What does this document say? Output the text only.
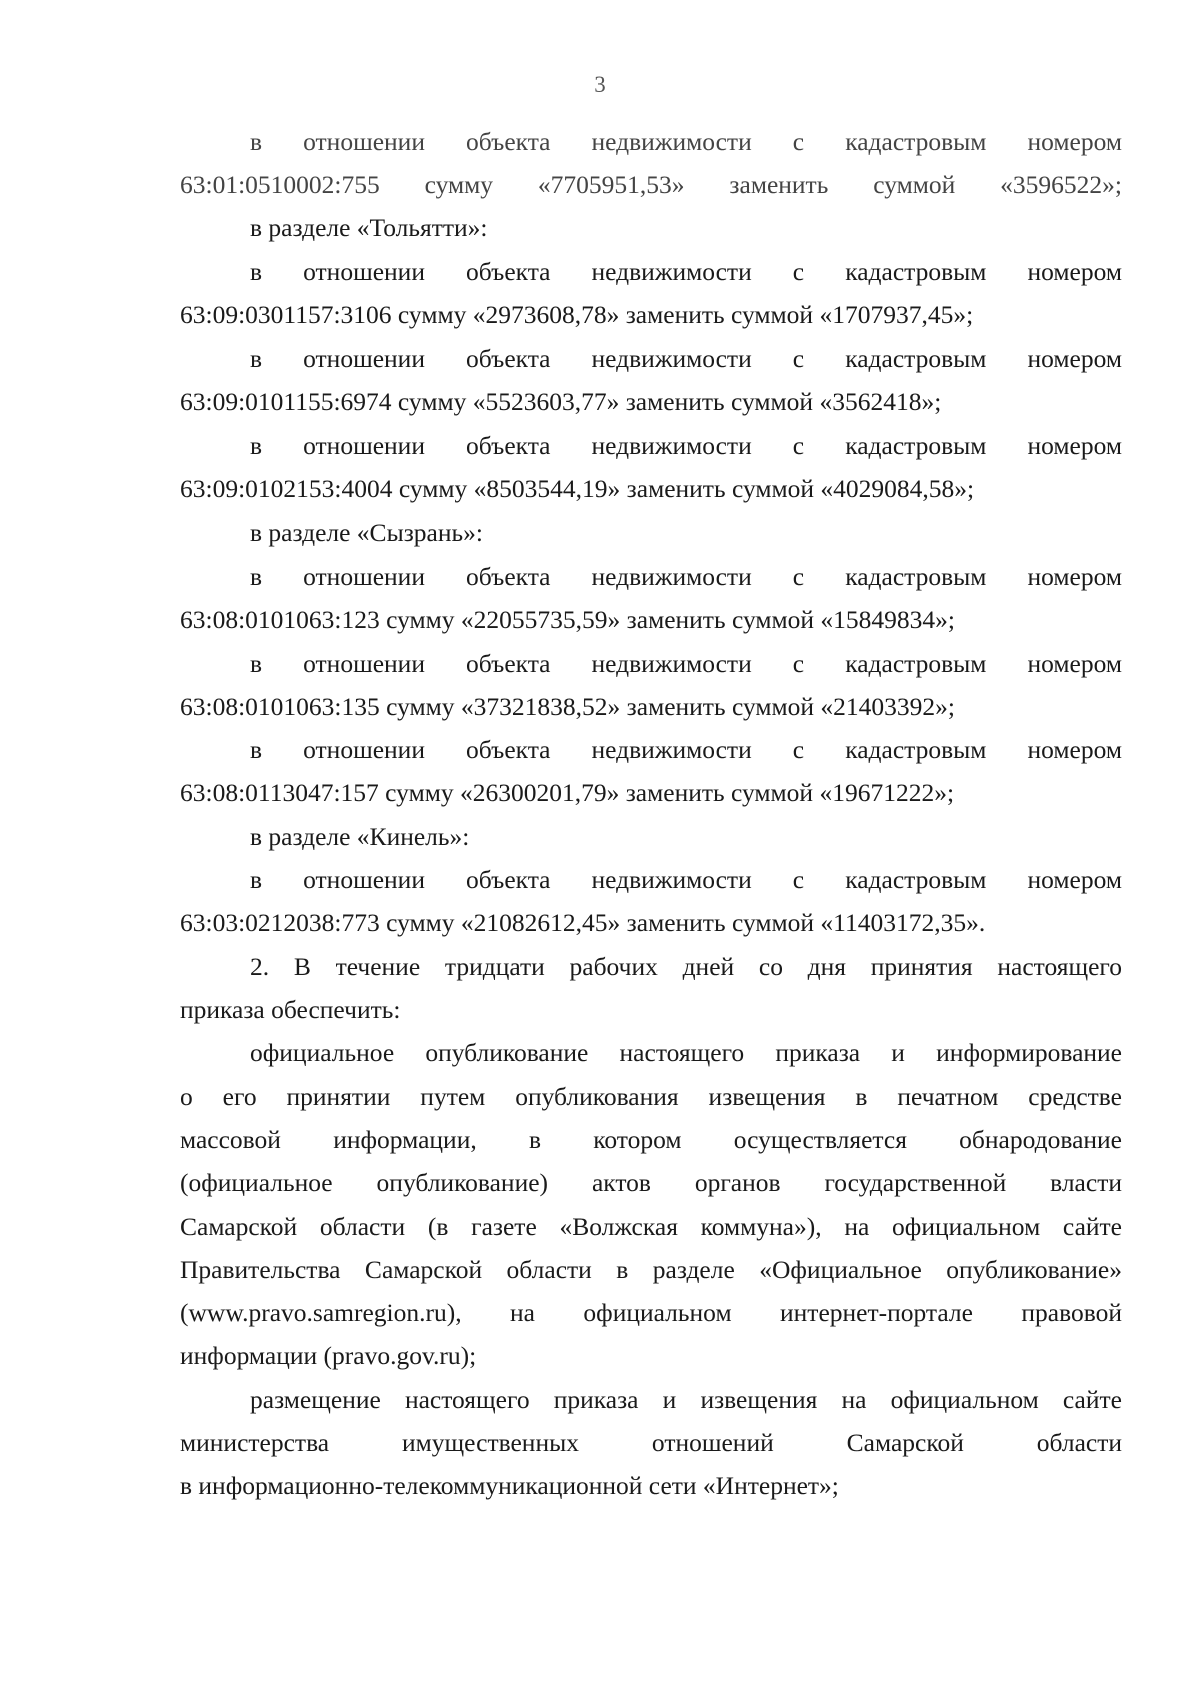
3
в отношении объекта недвижимости с кадастровым номером
63:01:0510002:755 сумму «7705951,53» заменить суммой «3596522»;
в разделе «Тольятти»:
в отношении объекта недвижимости с кадастровым номером
63:09:0301157:3106 сумму «2973608,78» заменить суммой «1707937,45»;
в отношении объекта недвижимости с кадастровым номером
63:09:0101155:6974 сумму «5523603,77» заменить суммой «3562418»;
в отношении объекта недвижимости с кадастровым номером
63:09:0102153:4004 сумму «8503544,19» заменить суммой «4029084,58»;
в разделе «Сызрань»:
в отношении объекта недвижимости с кадастровым номером
63:08:0101063:123 сумму «22055735,59» заменить суммой «15849834»;
в отношении объекта недвижимости с кадастровым номером
63:08:0101063:135 сумму «37321838,52» заменить суммой «21403392»;
в отношении объекта недвижимости с кадастровым номером
63:08:0113047:157 сумму «26300201,79» заменить суммой «19671222»;
в разделе «Кинель»:
в отношении объекта недвижимости с кадастровым номером
63:03:0212038:773 сумму «21082612,45» заменить суммой «11403172,35».
2. В течение тридцати рабочих дней со дня принятия настоящего
приказа обеспечить:
официальное опубликование настоящего приказа и информирование
о его принятии путем опубликования извещения в печатном средстве
массовой информации, в котором осуществляется обнародование
(официальное опубликование) актов органов государственной власти
Самарской области (в газете «Волжская коммуна»), на официальном сайте
Правительства Самарской области в разделе «Официальное опубликование»
(www.pravo.samregion.ru), на официальном интернет-портале правовой
информации (pravo.gov.ru);
размещение настоящего приказа и извещения на официальном сайте
министерства имущественных отношений Самарской области
в информационно-телекоммуникационной сети «Интернет»;
